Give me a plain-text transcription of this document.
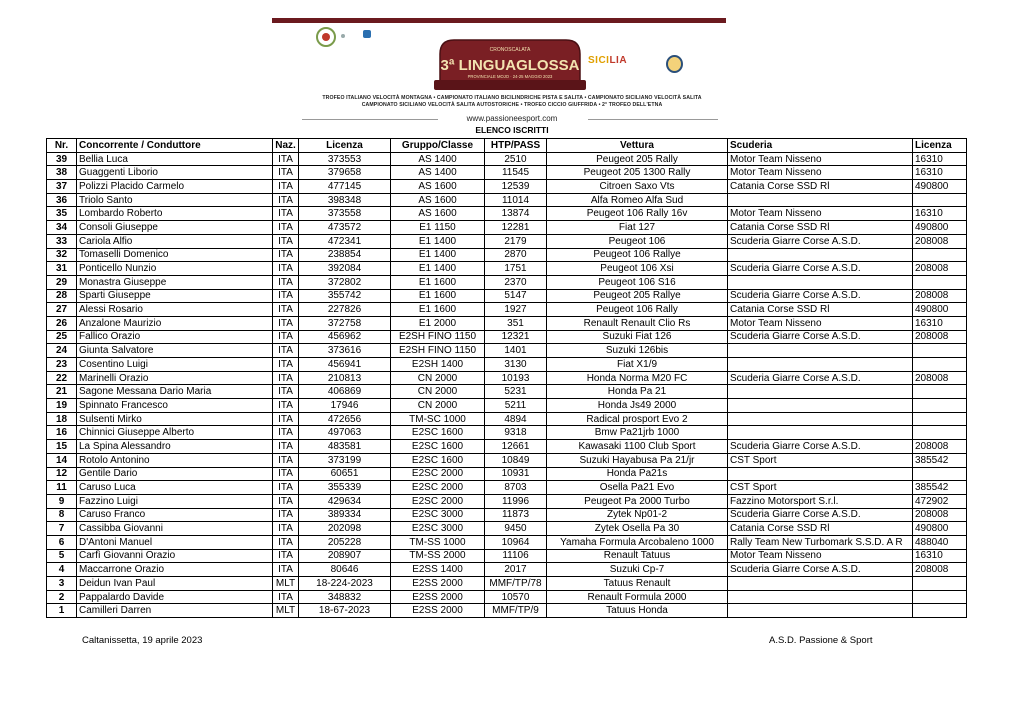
3ª LINGUAGLOSSA
CRONOSCALATA
PROVINCIALE MOJO · 24-25 MAGGIO 2023
SICILIA
TROFEO ITALIANO VELOCITÀ MONTAGNA • CAMPIONATO ITALIANO BICILINDRICHE PISTA E SALITA • CAMPIONATO SICILIANO VELOCITÀ SALITA
CAMPIONATO SICILIANO VELOCITÀ SALITA AUTOSTORICHE • TROFEO CICCIO GIUFFRIDA • 2° TROFEO DELL'ETNA
www.passioneesport.com
ELENCO ISCRITTI
Nr.	Concorrente / Conduttore	Naz.	Licenza	Gruppo/Classe	HTP/PASS	Vettura	Scuderia	Licenza
39	Bellia Luca	ITA	373553	AS 1400	2510	Peugeot 205 Rally	Motor Team Nisseno	16310
38	Guaggenti Liborio	ITA	379658	AS 1400	11545	Peugeot 205 1300 Rally	Motor Team Nisseno	16310
37	Polizzi Placido Carmelo	ITA	477145	AS 1600	12539	Citroen Saxo Vts	Catania Corse SSD Rl	490800
36	Triolo Santo	ITA	398348	AS 1600	11014	Alfa Romeo Alfa Sud		
35	Lombardo Roberto	ITA	373558	AS 1600	13874	Peugeot 106 Rally 16v	Motor Team Nisseno	16310
34	Consoli Giuseppe	ITA	473572	E1 1150	12281	Fiat 127	Catania Corse SSD Rl	490800
33	Cariola Alfio	ITA	472341	E1 1400	2179	Peugeot 106	Scuderia Giarre Corse A.S.D.	208008
32	Tomaselli Domenico	ITA	238854	E1 1400	2870	Peugeot 106 Rallye		
31	Ponticello Nunzio	ITA	392084	E1 1400	1751	Peugeot 106 Xsi	Scuderia Giarre Corse A.S.D.	208008
29	Monastra Giuseppe	ITA	372802	E1 1600	2370	Peugeot 106 S16		
28	Sparti Giuseppe	ITA	355742	E1 1600	5147	Peugeot 205 Rallye	Scuderia Giarre Corse A.S.D.	208008
27	Alessi Rosario	ITA	227826	E1 1600	1927	Peugeot 106 Rally	Catania Corse SSD Rl	490800
26	Anzalone Maurizio	ITA	372758	E1 2000	351	Renault Renault Clio Rs	Motor Team Nisseno	16310
25	Fallico Orazio	ITA	456962	E2SH FINO 1150	12321	Suzuki Fiat 126	Scuderia Giarre Corse A.S.D.	208008
24	Giunta Salvatore	ITA	373616	E2SH FINO 1150	1401	Suzuki 126bis		
23	Cosentino Luigi	ITA	456941	E2SH 1400	3130	Fiat X1/9		
22	Marinelli Orazio	ITA	210813	CN 2000	10193	Honda Norma M20 FC	Scuderia Giarre Corse A.S.D.	208008
21	Sagone Messana Dario Maria	ITA	406869	CN 2000	5231	Honda Pa 21		
19	Spinnato Francesco	ITA	17946	CN 2000	5211	Honda Js49 2000		
18	Sulsenti Mirko	ITA	472656	TM-SC 1000	4894	Radical prosport Evo 2		
16	Chinnici Giuseppe Alberto	ITA	497063	E2SC 1600	9318	Bmw Pa21jrb 1000		
15	La Spina Alessandro	ITA	483581	E2SC 1600	12661	Kawasaki 1100 Club Sport	Scuderia Giarre Corse A.S.D.	208008
14	Rotolo Antonino	ITA	373199	E2SC 1600	10849	Suzuki Hayabusa Pa 21/jr	CST Sport	385542
12	Gentile Dario	ITA	60651	E2SC 2000	10931	Honda Pa21s		
11	Caruso Luca	ITA	355339	E2SC 2000	8703	Osella Pa21 Evo	CST Sport	385542
9	Fazzino Luigi	ITA	429634	E2SC 2000	11996	Peugeot Pa 2000 Turbo	Fazzino Motorsport S.r.l.	472902
8	Caruso Franco	ITA	389334	E2SC 3000	11873	Zytek Np01-2	Scuderia Giarre Corse A.S.D.	208008
7	Cassibba Giovanni	ITA	202098	E2SC 3000	9450	Zytek Osella Pa 30	Catania Corse SSD Rl	490800
6	D'Antoni Manuel	ITA	205228	TM-SS 1000	10964	Yamaha Formula Arcobaleno 1000	Rally Team New Turbomark S.S.D. A R	488040
5	Carfì Giovanni Orazio	ITA	208907	TM-SS 2000	11106	Renault Tatuus	Motor Team Nisseno	16310
4	Maccarrone Orazio	ITA	80646	E2SS 1400	2017	Suzuki Cp-7	Scuderia Giarre Corse A.S.D.	208008
3	Deidun Ivan Paul	MLT	18-224-2023	E2SS 2000	MMF/TP/78	Tatuus Renault		
2	Pappalardo Davide	ITA	348832	E2SS 2000	10570	Renault Formula 2000		
1	Camilleri Darren	MLT	18-67-2023	E2SS 2000	MMF/TP/9	Tatuus Honda		
Caltanissetta, 19 aprile 2023	A.S.D. Passione & Sport
